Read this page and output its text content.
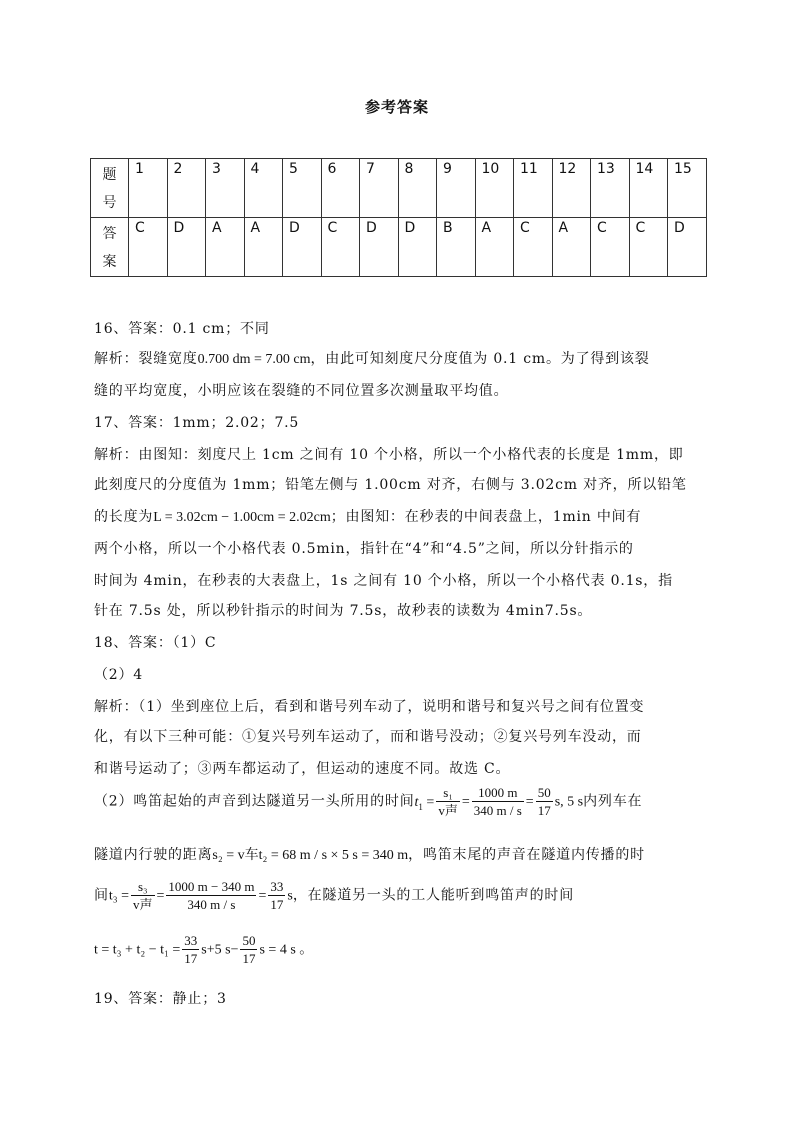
参考答案
题
号	1	2	3	4	5	6	7	8	9	10	11	12	13	14	15

答
案	C	D	A	A	D	C	D	D	B	A	C	A	C	C	D
16、答案：0.1 cm；不同
解析：裂缝宽度0.700 dm = 7.00 cm，由此可知刻度尺分度值为 0.1 cm。为了得到该裂
缝的平均宽度，小明应该在裂缝的不同位置多次测量取平均值。
17、答案：1mm；2.02；7.5
解析：由图知：刻度尺上 1cm 之间有 10 个小格，所以一个小格代表的长度是 1mm，即
此刻度尺的分度值为 1mm；铅笔左侧与 1.00cm 对齐，右侧与 3.02cm 对齐，所以铅笔
的长度为L = 3.02cm − 1.00cm = 2.02cm；由图知：在秒表的中间表盘上，1min 中间有
两个小格，所以一个小格代表 0.5min，指针在“4”和“4.5”之间，所以分针指示的
时间为 4min，在秒表的大表盘上，1s 之间有 10 个小格，所以一个小格代表 0.1s，指
针在 7.5s 处，所以秒针指示的时间为 7.5s，故秒表的读数为 4min7.5s。
18、答案：（1）C
（2）4
解析：（1）坐到座位上后，看到和谐号列车动了，说明和谐号和复兴号之间有位置变
化，有以下三种可能：①复兴号列车运动了，而和谐号没动；②复兴号列车没动，而
和谐号运动了；③两车都运动了，但运动的速度不同。故选 C。
（2）鸣笛起始的声音到达隧道另一头所用的时间$t_1 = \frac{\text{s₁}}{\text{v声}} = \frac{1000 m}{340 m / s} = \frac{50}{17} s$, 5 s内列车在
隧道内行驶的距离s₂ = v车t₂ = 68 m / s × 5 s = 340 m，鸣笛末尾的声音在隧道内传播的时
间$t_3 = \frac{\text{s₃}}{\text{v声}} = \frac{1000 m - 340 m}{340 m / s} = \frac{33}{17}$ s，在隧道另一头的工人能听到鸣笛声的时间
$t = t_3 + t_2 - t_1 = \frac{33}{17} s+5$ $s- \frac{50}{17}$ s = 4 s 。
19、答案：静止；3
